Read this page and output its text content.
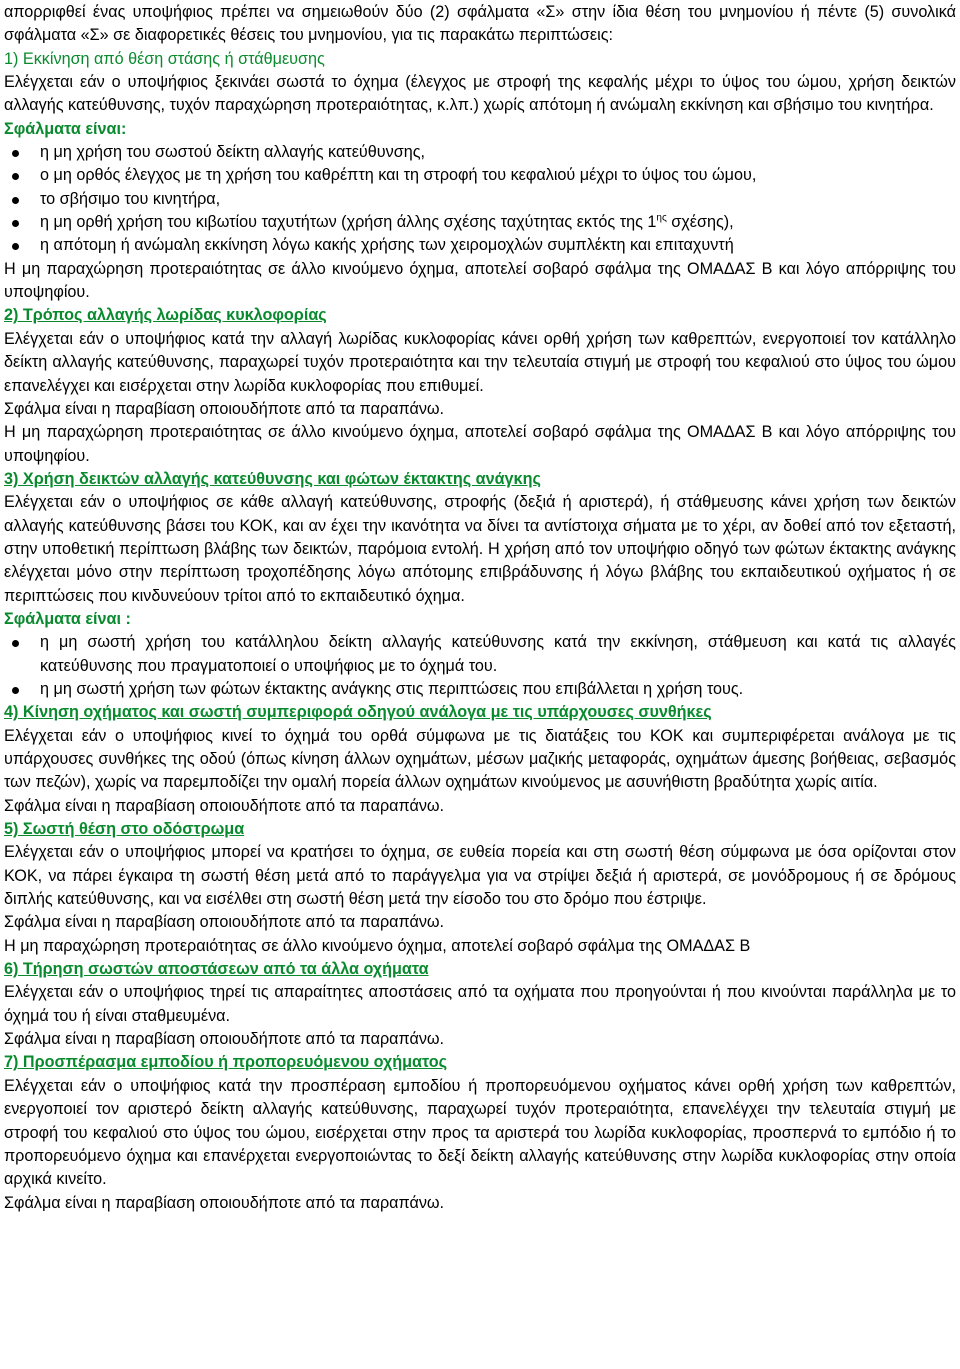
απορριφθεί ένας υποψήφιος πρέπει να σημειωθούν δύο (2) σφάλματα «Σ» στην ίδια θέση του μνημονίου ή πέντε (5) συνολικά σφάλματα «Σ» σε διαφορετικές θέσεις του μνημονίου, για τις παρακάτω περιπτώσεις:

1) Εκκίνηση από θέση στάσης ή στάθμευσης

Ελέγχεται εάν ο υποψήφιος ξεκινάει σωστά το όχημα (έλεγχος με στροφή της κεφαλής μέχρι το ύψος του ώμου, χρήση δεικτών αλλαγής κατεύθυνσης, τυχόν παραχώρηση προτεραιότητας, κ.λπ.) χωρίς απότομη ή ανώμαλη εκκίνηση και σβήσιμο του κινητήρα.

Σφάλματα είναι:

η μη χρήση του σωστού δείκτη αλλαγής κατεύθυνσης,
ο μη ορθός έλεγχος με τη χρήση του καθρέπτη και τη στροφή του κεφαλιού μέχρι το ύψος του ώμου,
το σβήσιμο του κινητήρα,
η μη ορθή χρήση του κιβωτίου ταχυτήτων (χρήση άλλης σχέσης ταχύτητας εκτός της $1^{\eta\varsigma}$ σχέσης),
η απότομη ή ανώμαλη εκκίνηση λόγω κακής χρήσης των χειρομοχλών συμπλέκτη και επιταχυντή

Η μη παραχώρηση προτεραιότητας σε άλλο κινούμενο όχημα, αποτελεί σοβαρό σφάλμα της ΟΜΑΔΑΣ Β και λόγο απόρριψης του υποψηφίου.

2) Τρόπος αλλαγής λωρίδας κυκλοφορίας

Ελέγχεται εάν ο υποψήφιος κατά την αλλαγή λωρίδας κυκλοφορίας κάνει ορθή χρήση των καθρεπτών, ενεργοποιεί τον κατάλληλο δείκτη αλλαγής κατεύθυνσης, παραχωρεί τυχόν προτεραιότητα και την τελευταία στιγμή με στροφή του κεφαλιού στο ύψος του ώμου επανελέγχει και εισέρχεται στην λωρίδα κυκλοφορίας που επιθυμεί.

Σφάλμα είναι η παραβίαση οποιουδήποτε από τα παραπάνω.

Η μη παραχώρηση προτεραιότητας σε άλλο κινούμενο όχημα, αποτελεί σοβαρό σφάλμα της ΟΜΑΔΑΣ Β και λόγο απόρριψης του υποψηφίου.

3) Χρήση δεικτών αλλαγής κατεύθυνσης και φώτων έκτακτης ανάγκης

Ελέγχεται εάν ο υποψήφιος σε κάθε αλλαγή κατεύθυνσης, στροφής (δεξιά ή αριστερά), ή στάθμευσης κάνει χρήση των δεικτών αλλαγής κατεύθυνσης βάσει του ΚΟΚ, και αν έχει την ικανότητα να δίνει τα αντίστοιχα σήματα με το χέρι, αν δοθεί από τον εξεταστή, στην υποθετική περίπτωση βλάβης των δεικτών, παρόμοια εντολή. Η χρήση από τον υποψήφιο οδηγό των φώτων έκτακτης ανάγκης ελέγχεται μόνο στην περίπτωση τροχοπέδησης λόγω απότομης επιβράδυνσης ή λόγω βλάβης του εκπαιδευτικού οχήματος ή σε περιπτώσεις που κινδυνεύουν τρίτοι από το εκπαιδευτικό όχημα.

Σφάλματα είναι :

η μη σωστή χρήση του κατάλληλου δείκτη αλλαγής κατεύθυνσης κατά την εκκίνηση, στάθμευση και κατά τις αλλαγές κατεύθυνσης που πραγματοποιεί ο υποψήφιος με το όχημά του.
η μη σωστή χρήση των φώτων έκτακτης ανάγκης στις περιπτώσεις που επιβάλλεται η χρήση τους.

4) Κίνηση οχήματος και σωστή συμπεριφορά οδηγού ανάλογα με τις υπάρχουσες συνθήκες

Ελέγχεται εάν ο υποψήφιος κινεί το όχημά του ορθά σύμφωνα με τις διατάξεις του ΚΟΚ και συμπεριφέρεται ανάλογα με τις υπάρχουσες συνθήκες της οδού (όπως κίνηση άλλων οχημάτων, μέσων μαζικής μεταφοράς, οχημάτων άμεσης βοήθειας, σεβασμός των πεζών), χωρίς να παρεμποδίζει την ομαλή πορεία άλλων οχημάτων κινούμενος με ασυνήθιστη βραδύτητα χωρίς αιτία.

Σφάλμα είναι η παραβίαση οποιουδήποτε από τα παραπάνω.

5) Σωστή θέση στο οδόστρωμα

Ελέγχεται εάν ο υποψήφιος μπορεί να κρατήσει το όχημα, σε ευθεία πορεία και στη σωστή θέση σύμφωνα με όσα ορίζονται στον ΚΟΚ, να πάρει έγκαιρα τη σωστή θέση μετά από το παράγγελμα για να στρίψει δεξιά ή αριστερά, σε μονόδρομους ή σε δρόμους διπλής κατεύθυνσης, και να εισέλθει στη σωστή θέση μετά την είσοδο του στο δρόμο που έστριψε.

Σφάλμα είναι η παραβίαση οποιουδήποτε από τα παραπάνω.

Η μη παραχώρηση προτεραιότητας σε άλλο κινούμενο όχημα, αποτελεί σοβαρό σφάλμα της ΟΜΑΔΑΣ Β

6) Τήρηση σωστών αποστάσεων από τα άλλα οχήματα

Ελέγχεται εάν ο υποψήφιος τηρεί τις απαραίτητες αποστάσεις από τα οχήματα που προηγούνται ή που κινούνται παράλληλα με το όχημά του ή είναι σταθμευμένα.

Σφάλμα είναι η παραβίαση οποιουδήποτε από τα παραπάνω.

7) Προσπέρασμα εμποδίου ή προπορευόμενου οχήματος

Ελέγχεται εάν ο υποψήφιος κατά την προσπέραση εμποδίου ή προπορευόμενου οχήματος κάνει ορθή χρήση των καθρεπτών, ενεργοποιεί τον αριστερό δείκτη αλλαγής κατεύθυνσης, παραχωρεί τυχόν προτεραιότητα, επανελέγχει την τελευταία στιγμή με στροφή του κεφαλιού στο ύψος του ώμου, εισέρχεται στην προς τα αριστερά του λωρίδα κυκλοφορίας, προσπερνά το εμπόδιο ή το προπορευόμενο όχημα και επανέρχεται ενεργοποιώντας το δεξί δείκτη αλλαγής κατεύθυνσης στην λωρίδα κυκλοφορίας στην οποία αρχικά κινείτο.

Σφάλμα είναι η παραβίαση οποιουδήποτε από τα παραπάνω.
